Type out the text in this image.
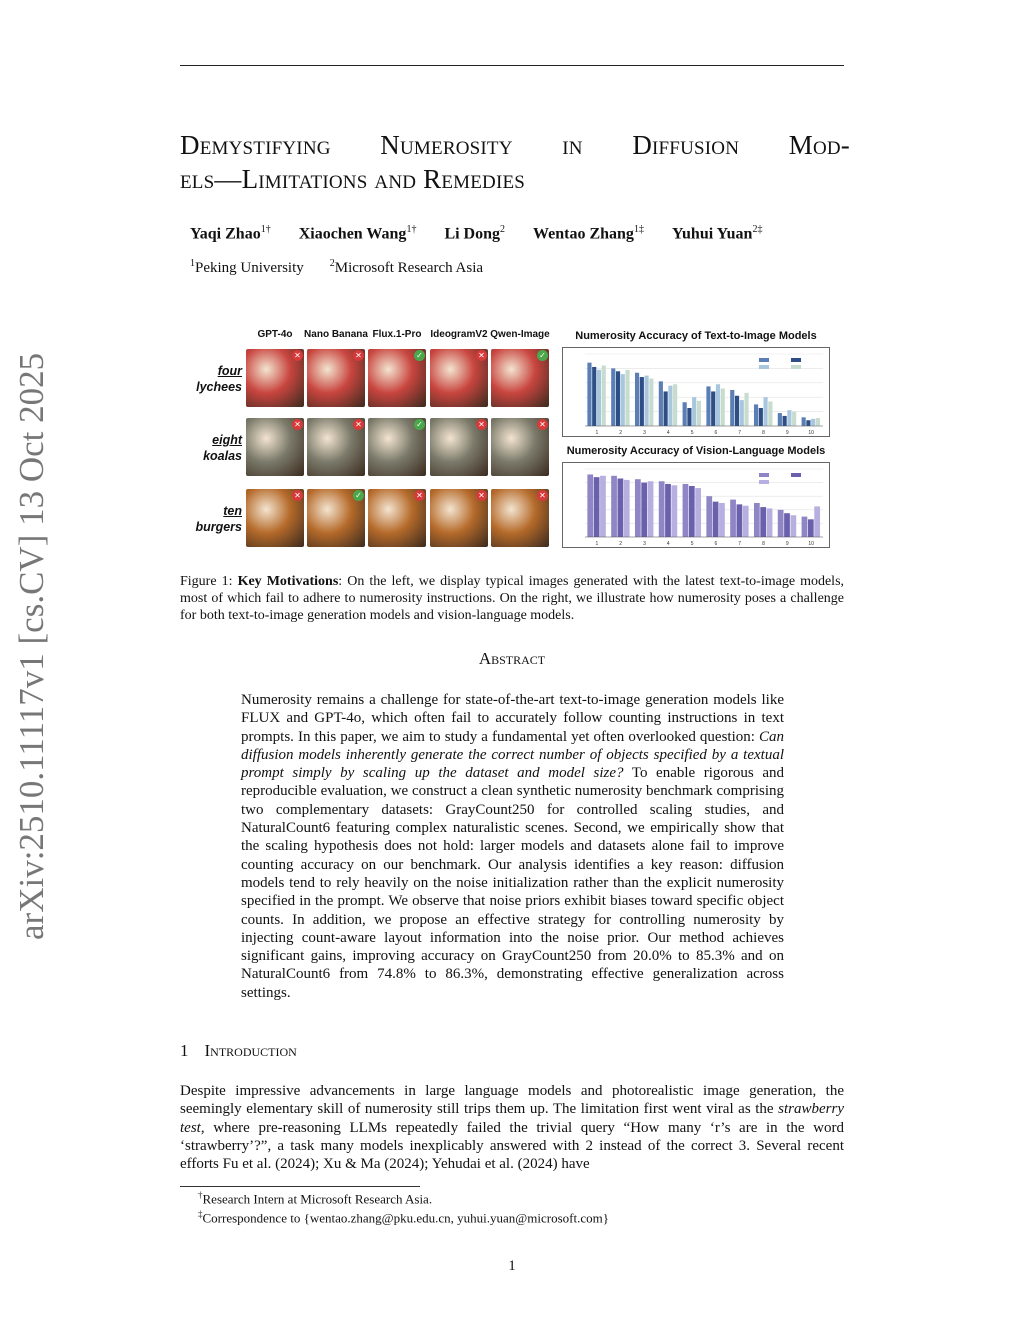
arXiv:2510.11117v1 [cs.CV] 13 Oct 2025
Demystifying Numerosity in Diffusion Mod-
els—Limitations and Remedies
Yaqi Zhao$^{1\dagger}$ Xiaochen Wang$^{1\dagger}$ Li Dong$^2$ Wentao Zhang$^{1\ddagger}$ Yuhui Yuan$^{2\ddagger}$
$^1$Peking University	$^2$Microsoft Research Asia
GPT-4o	Nano Banana Flux.1-Pro IdeogramV2 Qwen-Image
four
lychees
✕	✕	✓	✕	✓
eight
koalas
✕	✕	✓	✕	✕
ten
burgers
✕	✓	✕	✕	✕
Numerosity Accuracy of Text-to-Image Models
1	2	3	4	5	6	7	8	9	10
Numerosity Accuracy of Vision-Language Models
1	2	3	4	5	6	7	8	9	10
Figure 1: Key Motivations: On the left, we display typical images generated with the latest text-to-image models, most of which fail to adhere to numerosity instructions. On the right, we illustrate how numerosity poses a challenge for both text-to-image generation models and vision-language models.
Abstract
Numerosity remains a challenge for state-of-the-art text-to-image generation models like FLUX and GPT-4o, which often fail to accurately follow counting instructions in text prompts. In this paper, we aim to study a fundamental yet often overlooked question: Can diffusion models inherently generate the correct number of objects specified by a textual prompt simply by scaling up the dataset and model size? To enable rigorous and reproducible evaluation, we construct a clean synthetic numerosity benchmark comprising two complementary datasets: GrayCount250 for controlled scaling studies, and NaturalCount6 featuring complex naturalistic scenes. Second, we empirically show that the scaling hypothesis does not hold: larger models and datasets alone fail to improve counting accuracy on our benchmark. Our analysis identifies a key reason: diffusion models tend to rely heavily on the noise initialization rather than the explicit numerosity specified in the prompt. We observe that noise priors exhibit biases toward specific object counts. In addition, we propose an effective strategy for controlling numerosity by injecting count-aware layout information into the noise prior. Our method achieves significant gains, improving accuracy on GrayCount250 from 20.0% to 85.3% and on NaturalCount6 from 74.8% to 86.3%, demonstrating effective generalization across settings.
1 Introduction
Despite impressive advancements in large language models and photorealistic image generation, the seemingly elementary skill of numerosity still trips them up. The limitation first went viral as the strawberry test, where pre-reasoning LLMs repeatedly failed the trivial query “How many ‘r’s are in the word ‘strawberry’?”, a task many models inexplicably answered with 2 instead of the correct 3. Several recent efforts Fu et al. (2024); Xu & Ma (2024); Yehudai et al. (2024) have
†Research Intern at Microsoft Research Asia.
‡Correspondence to {wentao.zhang@pku.edu.cn, yuhui.yuan@microsoft.com}
1
